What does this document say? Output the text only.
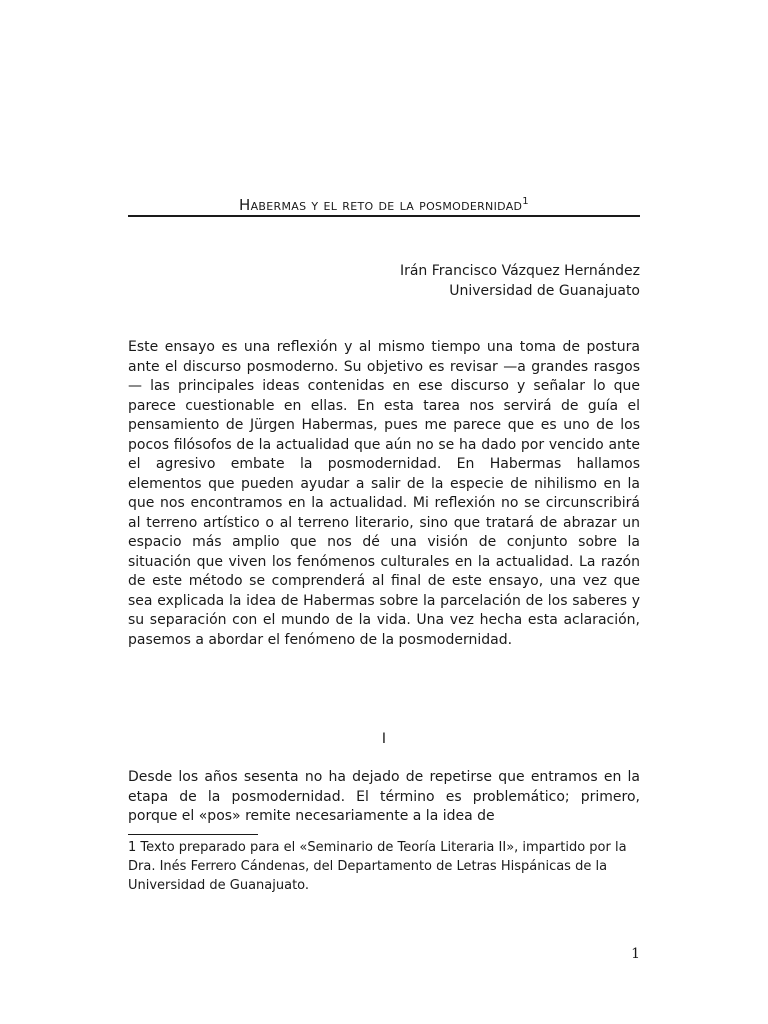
Habermas y el reto de la posmodernidad$^1$
Irán Francisco Vázquez Hernández
Universidad de Guanajuato

Este ensayo es una reflexión y al mismo tiempo una toma de postura ante el discurso posmoderno. Su objetivo es revisar —a grandes rasgos— las principales ideas contenidas en ese discurso y señalar lo que parece cuestionable en ellas. En esta tarea nos servirá de guía el pensamiento de Jürgen Habermas, pues me parece que es uno de los pocos filósofos de la actualidad que aún no se ha dado por vencido ante el agresivo embate la posmodernidad. En Habermas hallamos elementos que pueden ayudar a salir de la especie de nihilismo en la que nos encontramos en la actualidad. Mi reflexión no se circunscribirá al terreno artístico o al terreno literario, sino que tratará de abrazar un espacio más amplio que nos dé una visión de conjunto sobre la situación que viven los fenómenos culturales en la actualidad. La razón de este método se comprenderá al final de este ensayo, una vez que sea explicada la idea de Habermas sobre la parcelación de los saberes y su separación con el mundo de la vida. Una vez hecha esta aclaración, pasemos a abordar el fenómeno de la posmodernidad.

I

Desde los años sesenta no ha dejado de repetirse que entramos en la etapa de la posmodernidad. El término es problemático; primero, porque el «pos» remite necesariamente a la idea de

1 Texto preparado para el «Seminario de Teoría Literaria II», impartido por la Dra. Inés Ferrero Cándenas, del Departamento de Letras Hispánicas de la Universidad de Guanajuato.
1
